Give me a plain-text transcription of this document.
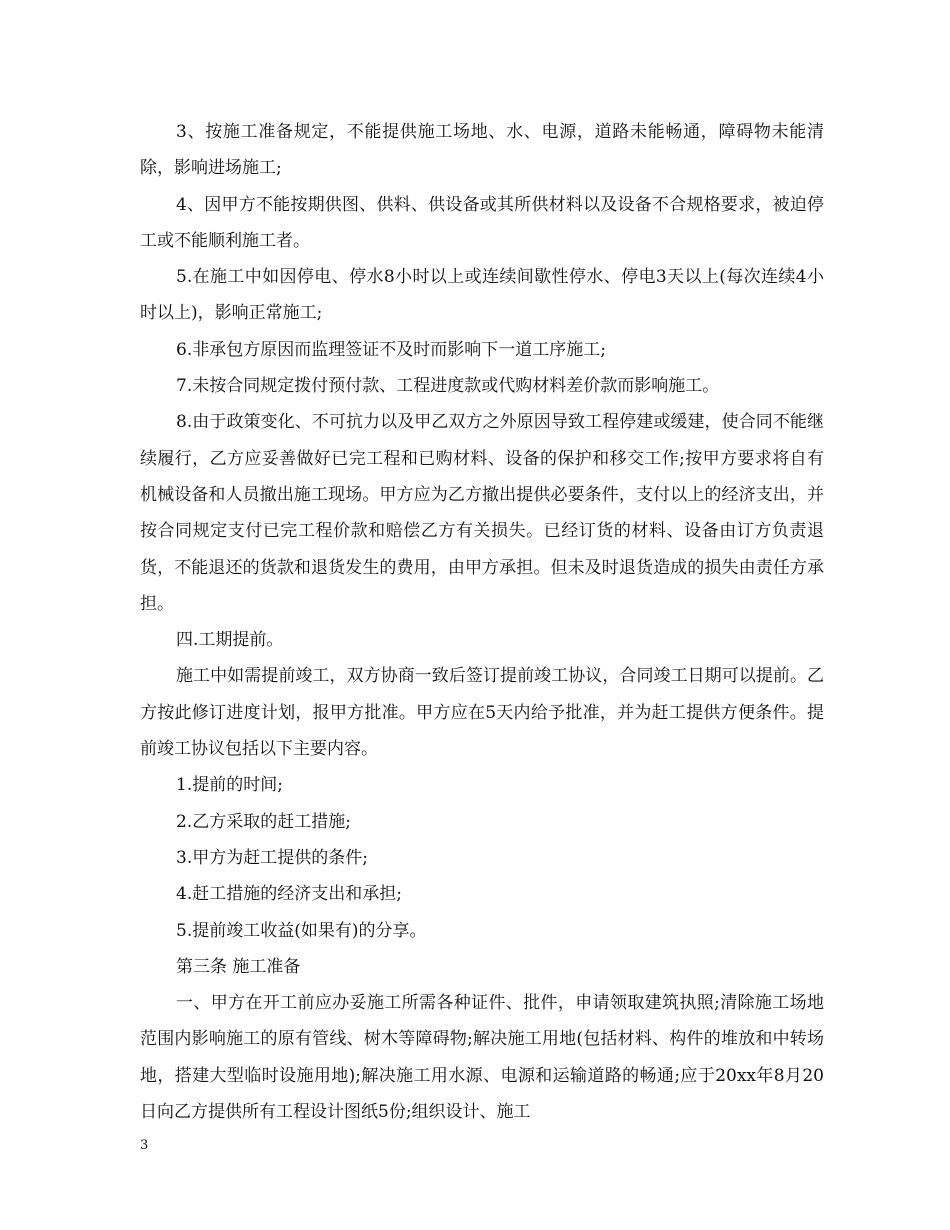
3、按施工准备规定，不能提供施工场地、水、电源，道路未能畅通，障碍物未能清除，影响进场施工;

4、因甲方不能按期供图、供料、供设备或其所供材料以及设备不合规格要求，被迫停工或不能顺利施工者。

5.在施工中如因停电、停水8小时以上或连续间歇性停水、停电3天以上(每次连续4小时以上)，影响正常施工;

6.非承包方原因而监理签证不及时而影响下一道工序施工;

7.未按合同规定拨付预付款、工程进度款或代购材料差价款而影响施工。

8.由于政策变化、不可抗力以及甲乙双方之外原因导致工程停建或缓建，使合同不能继续履行，乙方应妥善做好已完工程和已购材料、设备的保护和移交工作;按甲方要求将自有机械设备和人员撤出施工现场。甲方应为乙方撤出提供必要条件，支付以上的经济支出，并按合同规定支付已完工程价款和赔偿乙方有关损失。已经订货的材料、设备由订方负责退货，不能退还的货款和退货发生的费用，由甲方承担。但未及时退货造成的损失由责任方承担。

四.工期提前。

施工中如需提前竣工，双方协商一致后签订提前竣工协议，合同竣工日期可以提前。乙方按此修订进度计划，报甲方批准。甲方应在5天内给予批准，并为赶工提供方便条件。提前竣工协议包括以下主要内容。

1.提前的时间;

2.乙方采取的赶工措施;

3.甲方为赶工提供的条件;

4.赶工措施的经济支出和承担;

5.提前竣工收益(如果有)的分享。

第三条 施工准备

一、甲方在开工前应办妥施工所需各种证件、批件，申请领取建筑执照;清除施工场地范围内影响施工的原有管线、树木等障碍物;解决施工用地(包括材料、构件的堆放和中转场地，搭建大型临时设施用地);解决施工用水源、电源和运输道路的畅通;应于20xx年8月20日向乙方提供所有工程设计图纸5份;组织设计、施工

3
